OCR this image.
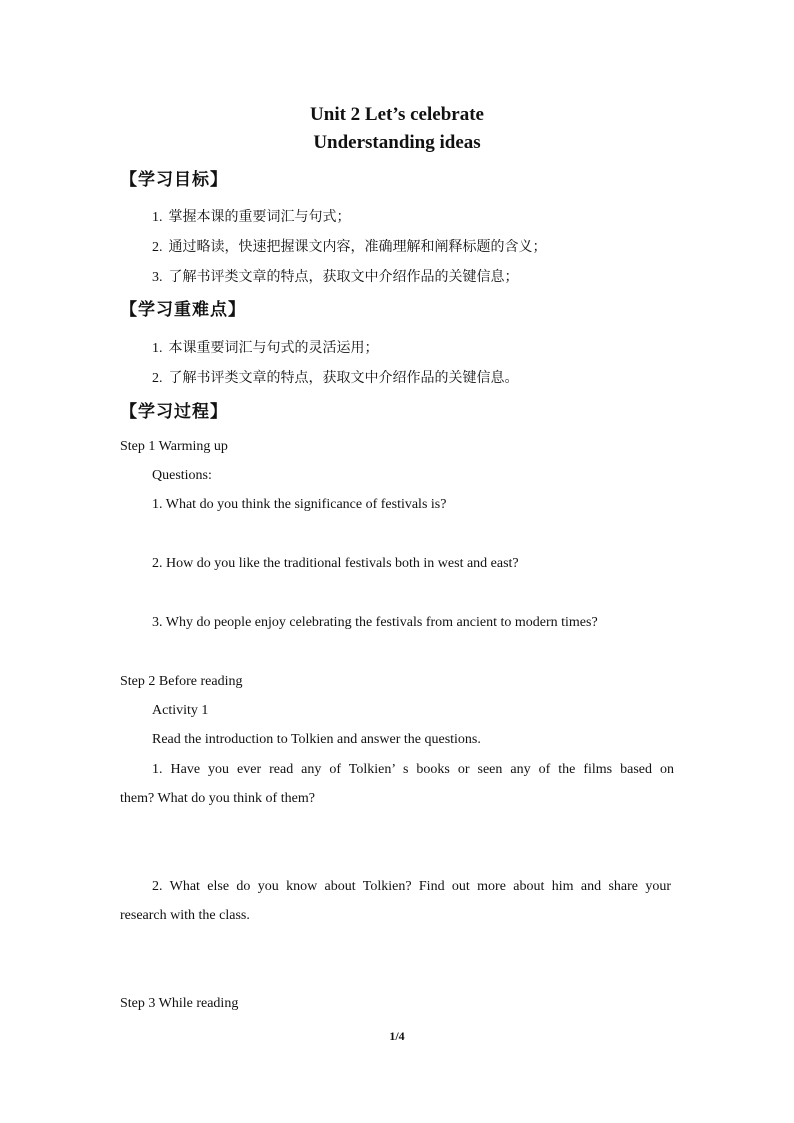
Unit 2 Let’s celebrate
Understanding ideas
【学习目标】
1. 掌握本课的重要词汇与句式；
2. 通过略读，快速把握课文内容，准确理解和阐释标题的含义；
3. 了解书评类文章的特点，获取文中介绍作品的关键信息；
【学习重难点】
1. 本课重要词汇与句式的灵活运用；
2. 了解书评类文章的特点，获取文中介绍作品的关键信息。
【学习过程】
Step 1 Warming up
Questions:
1. What do you think the significance of festivals is?
2. How do you like the traditional festivals both in west and east?
3. Why do people enjoy celebrating the festivals from ancient to modern times?
Step 2 Before reading
Activity 1
Read the introduction to Tolkien and answer the questions.
1. Have you ever read any of Tolkien’ s books or seen any of the films based on
them? What do you think of them?
2. What else do you know about Tolkien? Find out more about him and share your
research with the class.
Step 3 While reading
1/4
